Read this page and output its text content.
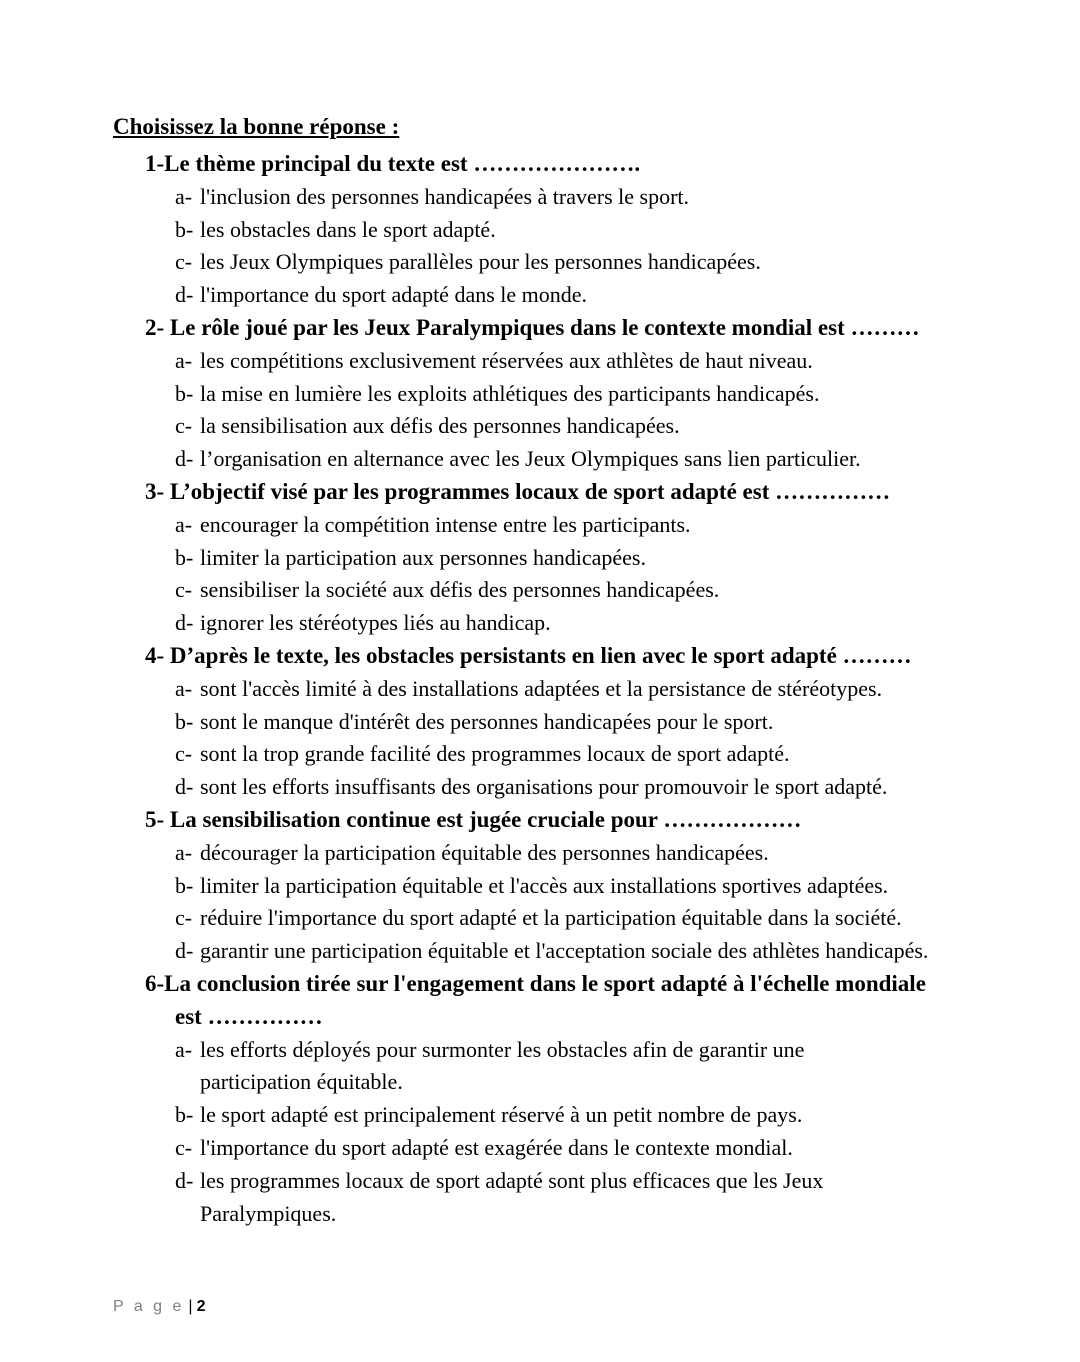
Choisissez la bonne réponse :
1-Le thème principal du texte est ………………….
a- l'inclusion des personnes handicapées à travers le sport.
b- les obstacles dans le sport adapté.
c- les Jeux Olympiques parallèles pour les personnes handicapées.
d- l'importance du sport adapté dans le monde.
2- Le rôle joué par les Jeux Paralympiques dans le contexte mondial est ………
a- les compétitions exclusivement réservées aux athlètes de haut niveau.
b- la mise en lumière les exploits athlétiques des participants handicapés.
c- la sensibilisation aux défis des personnes handicapées.
d- l’organisation en alternance avec les Jeux Olympiques sans lien particulier.
3- L’objectif visé par les programmes locaux de sport adapté est ……………
a- encourager la compétition intense entre les participants.
b- limiter la participation aux personnes handicapées.
c- sensibiliser la société aux défis des personnes handicapées.
d- ignorer les stéréotypes liés au handicap.
4- D’après le texte, les obstacles persistants en lien avec le sport adapté ………
a- sont l'accès limité à des installations adaptées et la persistance de stéréotypes.
b- sont le manque d'intérêt des personnes handicapées pour le sport.
c- sont la trop grande facilité des programmes locaux de sport adapté.
d- sont les efforts insuffisants des organisations pour promouvoir le sport adapté.
5- La sensibilisation continue est jugée cruciale pour ………………
a- décourager la participation équitable des personnes handicapées.
b- limiter la participation équitable et l'accès aux installations sportives adaptées.
c- réduire l'importance du sport adapté et la participation équitable dans la société.
d- garantir une participation équitable et l'acceptation sociale des athlètes handicapés.
6-La conclusion tirée sur l'engagement dans le sport adapté à l'échelle mondiale
est ……………
a- les efforts déployés pour surmonter les obstacles afin de garantir une participation équitable.
b- le sport adapté est principalement réservé à un petit nombre de pays.
c- l'importance du sport adapté est exagérée dans le contexte mondial.
d- les programmes locaux de sport adapté sont plus efficaces que les Jeux Paralympiques.
P a g e | 2
